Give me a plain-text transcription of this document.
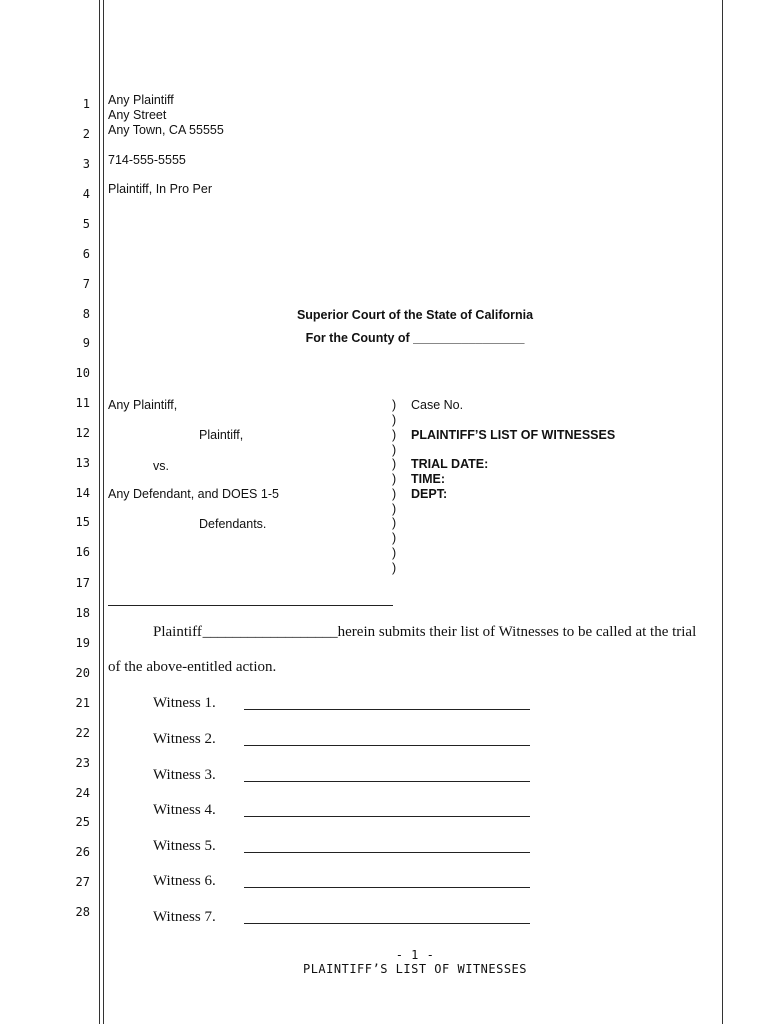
1
2
3
4
5
6
7
8
9
10
11
12
13
14
15
16
17
18
19
20
21
22
23
24
25
26
27
28
Any Plaintiff
Any Street
Any Town, CA 55555
714-555-5555
Plaintiff, In Pro Per
Superior Court of the State of California
For the County of ________________
Any Plaintiff,
Plaintiff,
vs.
Any Defendant, and DOES 1-5
Defendants.
)
)
)
)
)
)
)
)
)
)
)
)
Case No.
PLAINTIFF’S LIST OF WITNESSES
TRIAL DATE:
TIME:
DEPT:
Plaintiff __________________herein submits their list of Witnesses to be called at the trial
of the above-entitled action.
Witness 1.
Witness 2.
Witness 3.
Witness 4.
Witness 5.
Witness 6.
Witness 7.
- 1 -
PLAINTIFF’S LIST OF WITNESSES
